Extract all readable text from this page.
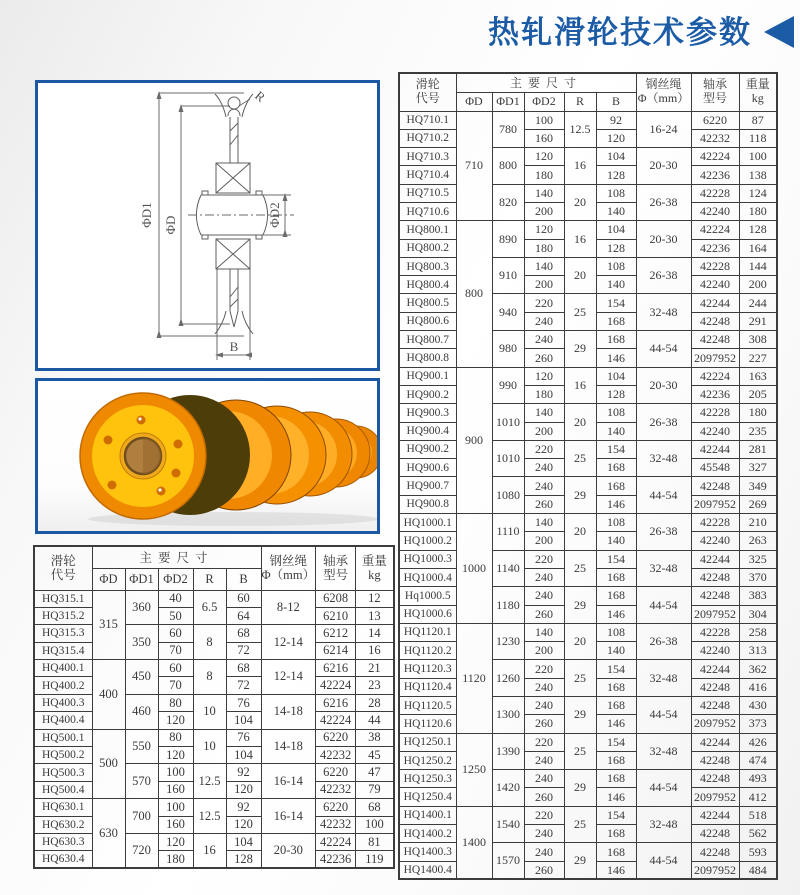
热轧滑轮技术参数
ΦD1 ΦD	ΦD2
B
R
滑轮
代号
	主要尺寸	钢丝绳
Φ（mm）

轴承
型号

重量
kg

	ΦD	ΦD1	ΦD2	R	B			
HQ710.1	710	780	100	12.5	92	16-24	6220	87
HQ710.2			160		120		42232	118
HQ710.3		800	120	16	104	20-30	42224	100
HQ710.4			180		128		42236	138
HQ710.5		820	140	20	108	26-38	42228	124
HQ710.6			200		140		42240	180
HQ800.1	800	890	120	16	104	20-30	42224	128
HQ800.2			180		128		42236	164
HQ800.3		910	140	20	108	26-38	42228	144
HQ800.4			200		140		42240	200
HQ800.5		940	220	25	154	32-48	42244	244
HQ800.6			240		168		42248	291
HQ800.7		980	240	29	168	44-54	42248	308
HQ800.8			260		146		2097952	227
HQ900.1	900	990	120	16	104	20-30	42224	163
HQ900.2			180		128		42236	205
HQ900.3		1010	140	20	108	26-38	42228	180
HQ900.4			200		140		42240	235
HQ900.2		1010	220	25	154	32-48	42244	281
HQ900.6			240		168		45548	327
HQ900.7		1080	240	29	168	44-54	42248	349
HQ900.8			260		146		2097952	269
HQ1000.1	1000	1110	140	20	108	26-38	42228	210
HQ1000.2			200		140		42240	263
HQ1000.3		1140	220	25	154	32-48	42244	325
HQ1000.4			240		168		42248	370
Hq1000.5		1180	240	29	168	44-54	42248	383
HQ1000.6			260		146		2097952	304
HQ1120.1	1120	1230	140	20	108	26-38	42228	258
HQ1120.2			200		140		42240	313
HQ1120.3		1260	220	25	154	32-48	42244	362
HQ1120.4			240		168		42248	416
HQ1120.5		1300	240	29	168	44-54	42248	430
HQ1120.6			260		146		2097952	373
HQ1250.1	1250	1390	220	25	154	32-48	42244	426
HQ1250.2			240		168		42248	474
HQ1250.3		1420	240	29	168	44-54	42248	493
HQ1250.4			260		146		2097952	412
HQ1400.1	1400	1540	220	25	154	32-48	42244	518
HQ1400.2			240		168		42248	562
HQ1400.3		1570	240	29	168	44-54	42248	593
HQ1400.4			260		146		2097952	484
滑轮
代号
	主要尺寸	钢丝绳
Φ（mm）

轴承
型号

重量
kg

	ΦD	ΦD1	ΦD2	R	B			
HQ315.1	315	360	40	6.5	60	8-12	6208	12
HQ315.2			50		64		6210	13
HQ315.3		350	60	8	68	12-14	6212	14
HQ315.4			70		72		6214	16
HQ400.1	400	450	60	8	68	12-14	6216	21
HQ400.2			70		72		42224	23
HQ400.3		460	80	10	76	14-18	6216	28
HQ400.4			120		104		42224	44
HQ500.1	500	550	80	10	76	14-18	6220	38
HQ500.2			120		104		42232	45
HQ500.3		570	100	12.5	92	16-14	6220	47
HQ500.4			160		120		42232	79
HQ630.1	630	700	100	12.5	92	16-14	6220	68
HQ630.2			160		120		42232	100
HQ630.3		720	120	16	104	20-30	42224	81
HQ630.4			180		128		42236	119
